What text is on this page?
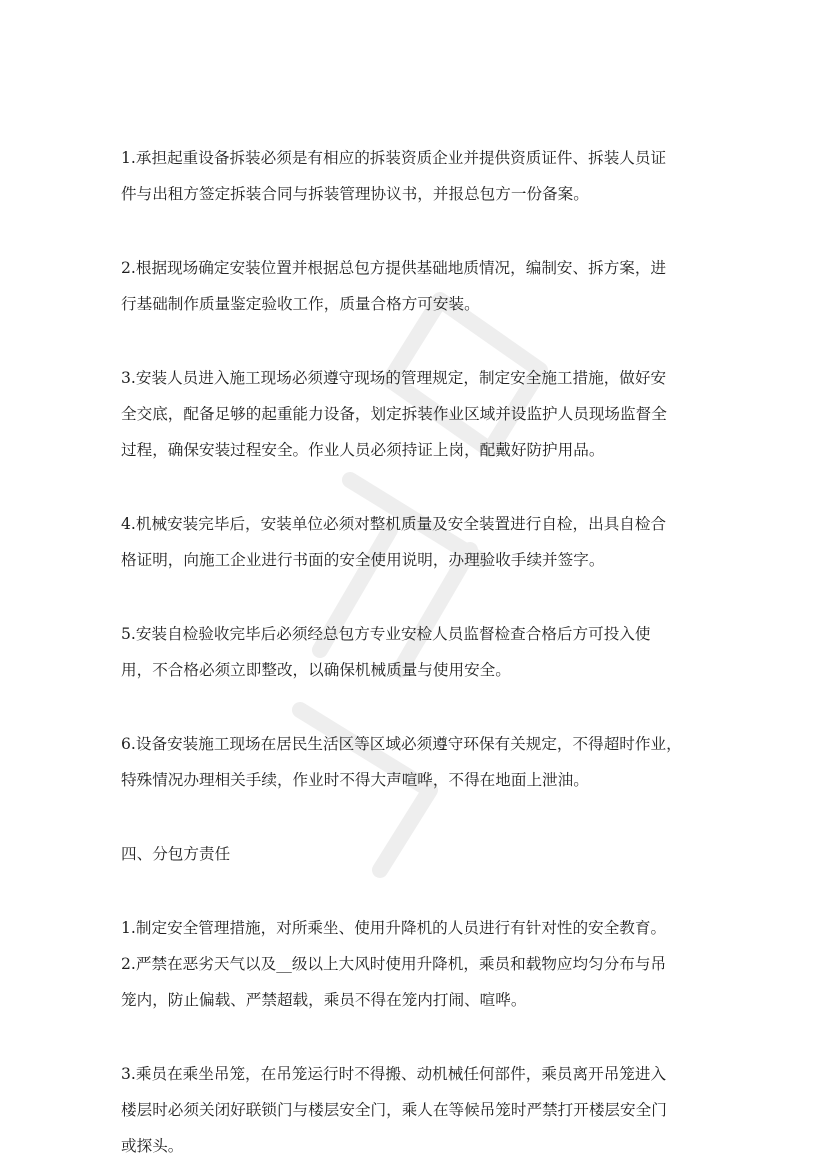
1.承担起重设备拆装必须是有相应的拆装资质企业并提供资质证件、拆装人员证
件与出租方签定拆装合同与拆装管理协议书，并报总包方一份备案。

2.根据现场确定安装位置并根据总包方提供基础地质情况，编制安、拆方案，进
行基础制作质量鉴定验收工作，质量合格方可安装。

3.安装人员进入施工现场必须遵守现场的管理规定，制定安全施工措施，做好安
全交底，配备足够的起重能力设备，划定拆装作业区域并设监护人员现场监督全
过程，确保安装过程安全。作业人员必须持证上岗，配戴好防护用品。

4.机械安装完毕后，安装单位必须对整机质量及安全装置进行自检，出具自检合
格证明，向施工企业进行书面的安全使用说明，办理验收手续并签字。

5.安装自检验收完毕后必须经总包方专业安检人员监督检查合格后方可投入使
用，不合格必须立即整改，以确保机械质量与使用安全。

6.设备安装施工现场在居民生活区等区域必须遵守环保有关规定，不得超时作业，
特殊情况办理相关手续，作业时不得大声喧哗，不得在地面上泄油。

四、分包方责任

1.制定安全管理措施，对所乘坐、使用升降机的人员进行有针对性的安全教育。
2.严禁在恶劣天气以及__级以上大风时使用升降机，乘员和载物应均匀分布与吊
笼内，防止偏载、严禁超载，乘员不得在笼内打闹、喧哗。

3.乘员在乘坐吊笼，在吊笼运行时不得搬、动机械任何部件，乘员离开吊笼进入
楼层时必须关闭好联锁门与楼层安全门，乘人在等候吊笼时严禁打开楼层安全门
或探头。
